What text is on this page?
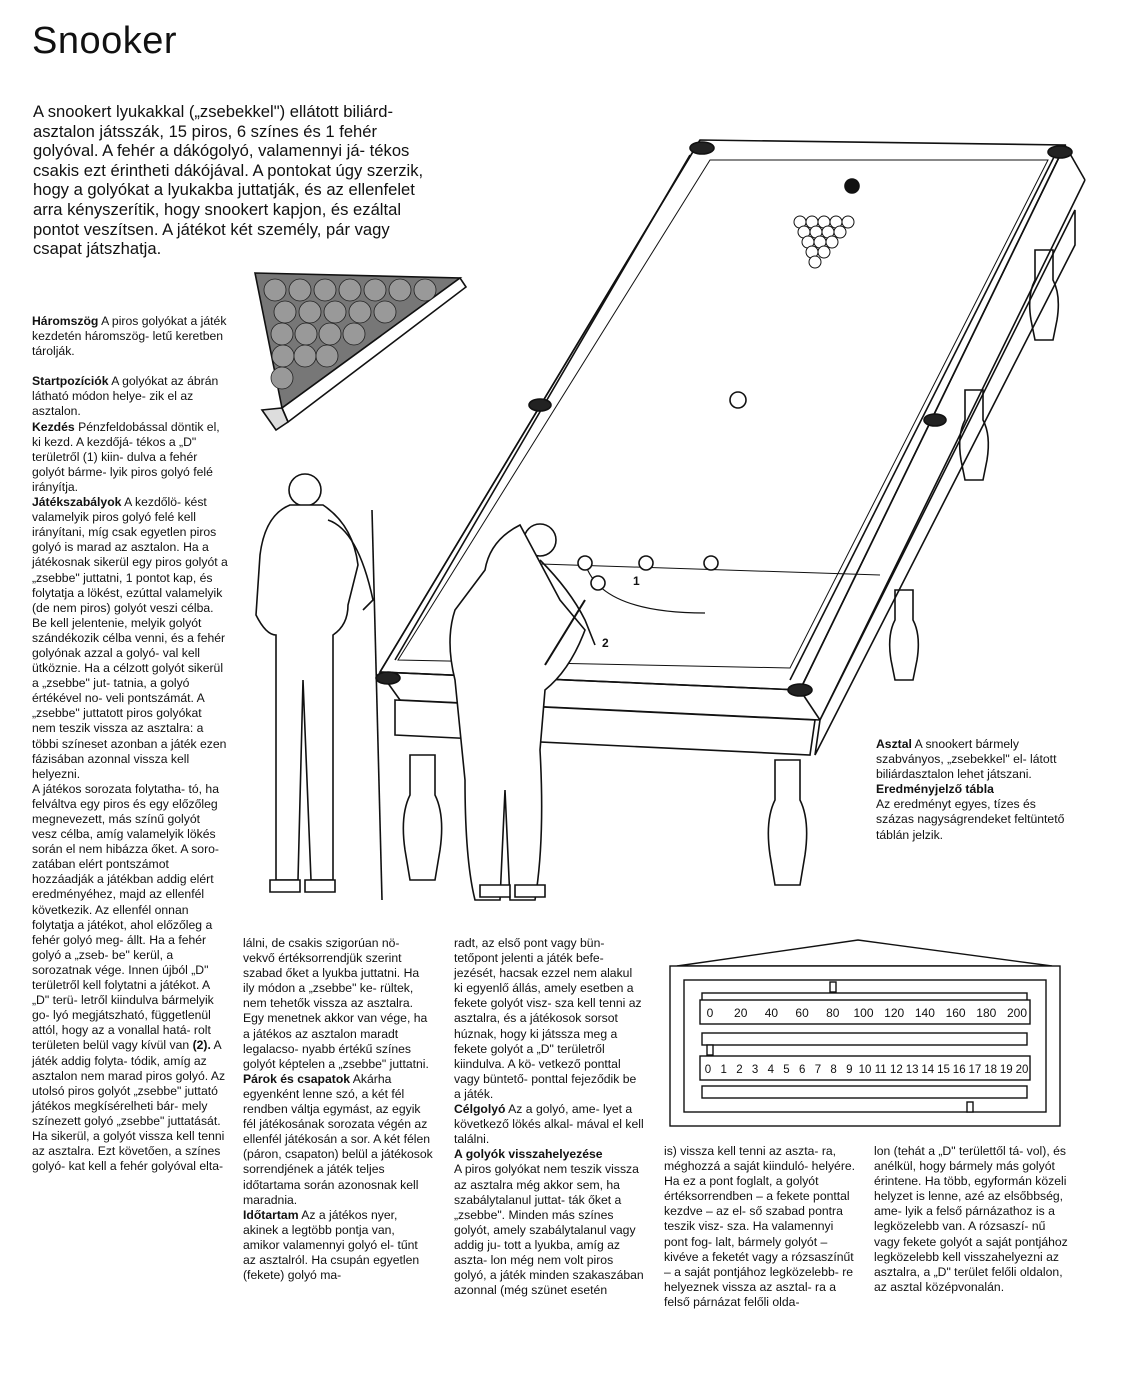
Snooker

A snookert lyukakkal („zsebekkel") ellátott biliárd- asztalon játsszák, 15 piros, 6 színes és 1 fehér golyóval. A fehér a dákógolyó, valamennyi já- tékos csakis ezt érintheti dákójával. A pontokat úgy szerzik, hogy a golyókat a lyukakba juttatják, és az ellenfelet arra kényszerítik, hogy snookert kapjon, és ezáltal pontot veszítsen. A játékot két személy, pár vagy csapat játszhatja.

1
2

Háromszög A piros golyókat a játék kezdetén háromszög- letű keretben tárolják.

Startpozíciók A golyókat az ábrán látható módon helye- zik el az asztalon.

Kezdés Pénzfeldobással döntik el, ki kezd. A kezdőjá- tékos a „D" területről (1) kiin- dulva a fehér golyót bárme- lyik piros golyó felé irányítja.

Játékszabályok A kezdőlö- kést valamelyik piros golyó felé kell irányítani, míg csak egyetlen piros golyó is marad az asztalon. Ha a játékosnak sikerül egy piros golyót a „zsebbe" juttatni, 1 pontot kap, és folytatja a lökést, ezúttal valamelyik (de nem piros) golyót veszi célba. Be kell jelentenie, melyik golyót szándékozik célba venni, és a fehér golyónak azzal a golyó- val kell ütköznie. Ha a célzott golyót sikerül a „zsebbe" jut- tatnia, a golyó értékével no- veli pontszámát. A „zsebbe" juttatott piros golyókat nem teszik vissza az asztalra: a többi színeset azonban a játék ezen fázisában azonnal vissza kell helyezni.

A játékos sorozata folytatha- tó, ha felváltva egy piros és egy előzőleg megnevezett, más színű golyót vesz célba, amíg valamelyik lökés során el nem hibázza őket. A soro- zatában elért pontszámot hozzáadják a játékban addig elért eredményéhez, majd az ellenfél következik. Az ellenfél onnan folytatja a játékot, ahol előzőleg a fehér golyó meg- állt. Ha a fehér golyó a „zseb- be" kerül, a sorozatnak vége. Innen újból „D" területről kell folytatni a játékot. A „D" terü- letről kiindulva bármelyik go- lyó megjátszható, függetlenül attól, hogy az a vonallal hatá- rolt területen belül vagy kívül van (2). A játék addig folyta- tódik, amíg az asztalon nem marad piros golyó. Az utolsó piros golyót „zsebbe" juttató játékos megkísérelheti bár- mely színezett golyó „zsebbe" juttatását. Ha sikerül, a golyót vissza kell tenni az asztalra. Ezt követően, a színes golyó- kat kell a fehér golyóval elta-

lálni, de csakis szigorúan nö- vekvő értéksorrendjük szerint szabad őket a lyukba juttatni. Ha ily módon a „zsebbe" ke- rültek, nem tehetők vissza az asztalra. Egy menetnek akkor van vége, ha a játékos az asztalon maradt legalacso- nyabb értékű színes golyót képtelen a „zsebbe" juttatni.

Párok és csapatok Akárha egyenként lenne szó, a két fél rendben váltja egymást, az egyik fél játékosának sorozata végén az ellenfél játékosán a sor. A két félen (páron, csapaton) belül a játékosok sorrendjének a játék teljes időtartama során azonosnak kell maradnia.

Időtartam Az a játékos nyer, akinek a legtöbb pontja van, amikor valamennyi golyó el- tűnt az asztalról. Ha csupán egyetlen (fekete) golyó ma-

radt, az első pont vagy bün- tetőpont jelenti a játék befe- jezését, hacsak ezzel nem alakul ki egyenlő állás, amely esetben a fekete golyót visz- sza kell tenni az asztalra, és a játékosok sorsot húznak, hogy ki játssza meg a fekete golyót a „D" területről kiindulva. A kö- vetkező ponttal vagy büntető- ponttal fejeződik be a játék.

Célgolyó Az a golyó, ame- lyet a következő lökés alkal- mával el kell találni.

A golyók visszahelyezése

A piros golyókat nem teszik vissza az asztalra még akkor sem, ha szabálytalanul juttat- ták őket a „zsebbe". Minden más színes golyót, amely szabálytalanul vagy addig ju- tott a lyukba, amíg az aszta- lon még nem volt piros golyó, a játék minden szakaszában azonnal (még szünet esetén

is) vissza kell tenni az aszta- ra, méghozzá a saját kiinduló- helyére. Ha ez a pont foglalt, a golyót értéksorrendben – a fekete ponttal kezdve – az el- ső szabad pontra teszik visz- sza. Ha valamennyi pont fog- lalt, bármely golyót – kivéve a feketét vagy a rózsaszínűt – a saját pontjához legközelebb- re helyeznek vissza az asztal- ra a felső párnázat felőli olda-

lon (tehát a „D" területtől tá- vol), és anélkül, hogy bármely más golyót érintene. Ha több, egyformán közeli helyzet is lenne, azé az elsőbbség, ame- lyik a felső párnázathoz is a legközelebb van. A rózsaszí- nű vagy fekete golyót a saját pontjához legközelebb kell visszahelyezni az asztalra, a „D" terület felőli oldalon, az asztal középvonalán.

Asztal A snookert bármely szabványos, „zsebekkel" el- látott biliárdasztalon lehet játszani.

Eredményjelző tábla

Az eredményt egyes, tízes és százas nagyságrendeket feltüntető táblán jelzik.

0 20 40 60 80 100 120 140 160 180 200
0 1 2 3 4 5 6 7 8 9 10 11 12 13 14 15 16 17 18 19 20
